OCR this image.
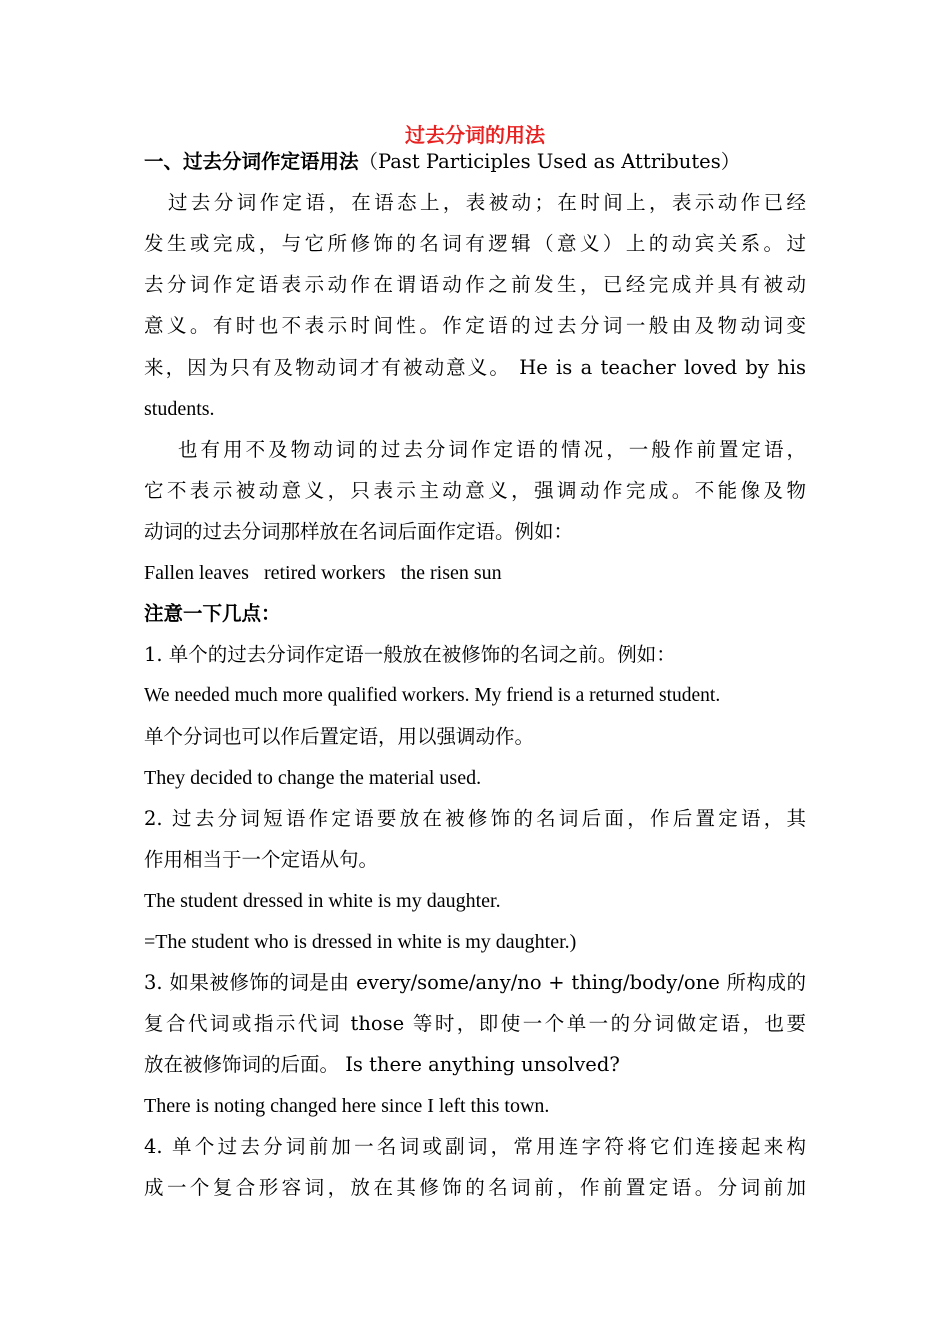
过去分词的用法
一、过去分词作定语用法（Past Participles Used as Attributes）
过去分词作定语，在语态上，表被动；在时间上，表示动作已经
发生或完成，与它所修饰的名词有逻辑（意义）上的动宾关系。过
去分词作定语表示动作在谓语动作之前发生，已经完成并具有被动
意义。有时也不表示时间性。作定语的过去分词一般由及物动词变
来，因为只有及物动词才有被动意义。 He is a teacher loved by his
students.
也有用不及物动词的过去分词作定语的情况，一般作前置定语，
它不表示被动意义，只表示主动意义，强调动作完成。不能像及物
动词的过去分词那样放在名词后面作定语。例如：
Fallen leaves   retired workers   the risen sun
注意一下几点：
1. 单个的过去分词作定语一般放在被修饰的名词之前。例如：
We needed much more qualified workers. My friend is a returned student.
单个分词也可以作后置定语，用以强调动作。
They decided to change the material used.
2. 过去分词短语作定语要放在被修饰的名词后面，作后置定语，其
作用相当于一个定语从句。
The student dressed in white is my daughter.
=The student who is dressed in white is my daughter.)
3. 如果被修饰的词是由 every/some/any/no + thing/body/one 所构成的
复合代词或指示代词 those 等时，即使一个单一的分词做定语，也要
放在被修饰词的后面。 Is there anything unsolved?
There is noting changed here since I left this town.
4. 单个过去分词前加一名词或副词，常用连字符将它们连接起来构
成一个复合形容词，放在其修饰的名词前，作前置定语。分词前加
